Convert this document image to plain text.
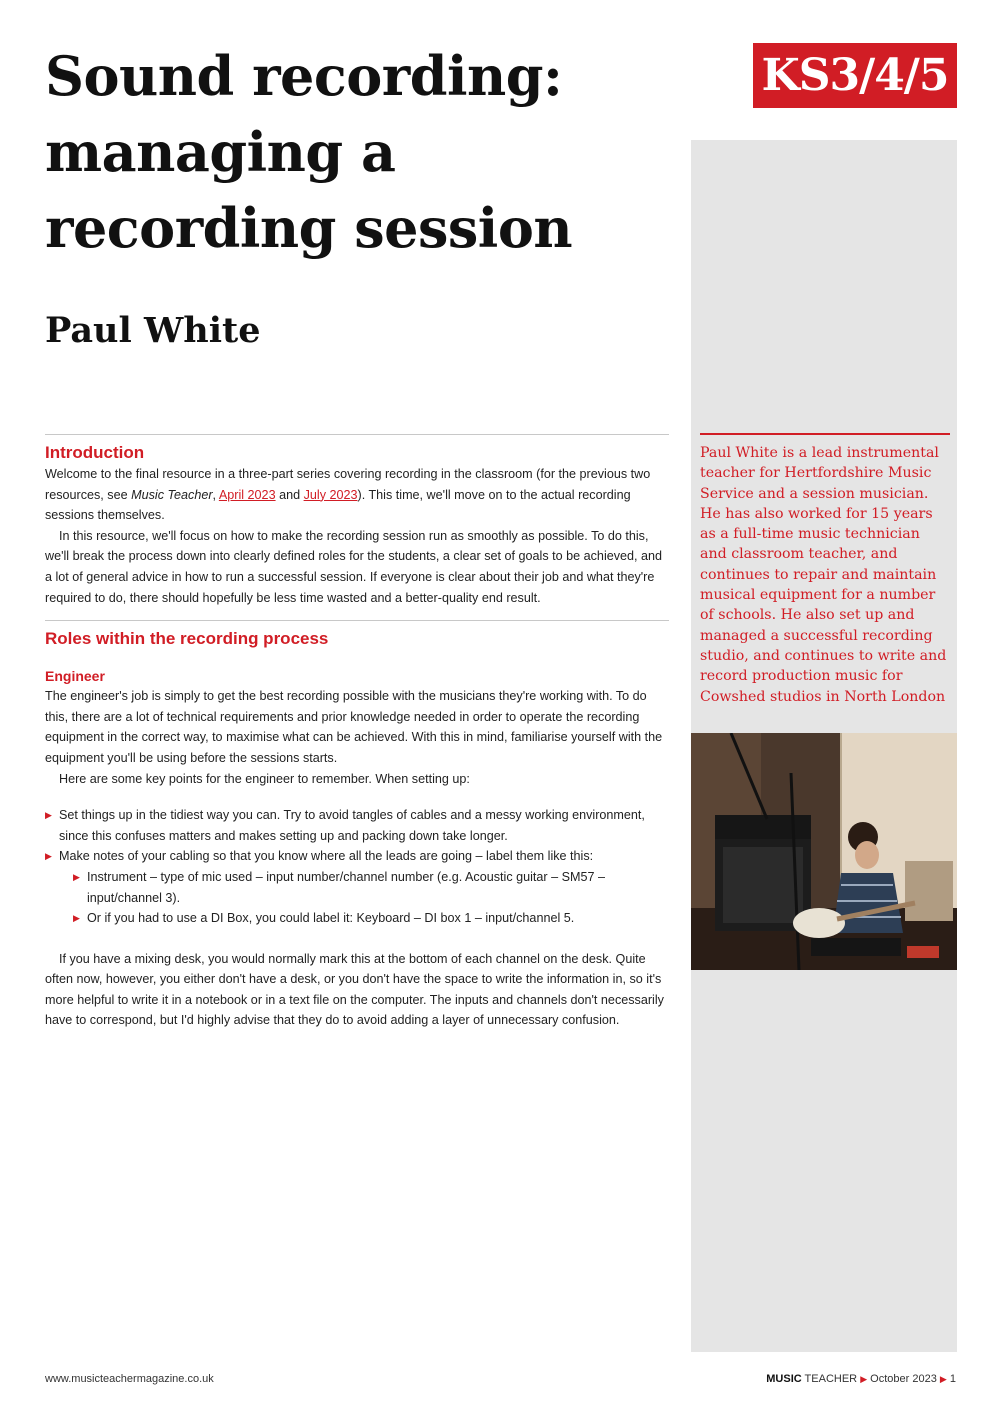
Sound recording:
managing a
recording session
Paul White
KS3/4/5
Paul White is a lead instrumental teacher for Hertfordshire Music Service and a session musician. He has also worked for 15 years as a full-time music technician and classroom teacher, and continues to repair and maintain musical equipment for a number of schools. He also set up and managed a successful recording studio, and continues to write and record production music for Cowshed studios in North London
Introduction

Welcome to the final resource in a three-part series covering recording in the classroom (for the previous two resources, see Music Teacher, April 2023 and July 2023). This time, we'll move on to the actual recording sessions themselves.

In this resource, we'll focus on how to make the recording session run as smoothly as possible. To do this, we'll break the process down into clearly defined roles for the students, a clear set of goals to be achieved, and a lot of general advice in how to run a successful session. If everyone is clear about their job and what they're required to do, there should hopefully be less time wasted and a better-quality end result.

Roles within the recording process
Engineer

The engineer's job is simply to get the best recording possible with the musicians they're working with. To do this, there are a lot of technical requirements and prior knowledge needed in order to operate the recording equipment in the correct way, to maximise what can be achieved. With this in mind, familiarise yourself with the equipment you'll be using before the sessions starts.

Here are some key points for the engineer to remember. When setting up:

▶ Set things up in the tidiest way you can. Try to avoid tangles of cables and a messy working environment, since this confuses matters and makes setting up and packing down take longer.
▶ Make notes of your cabling so that you know where all the leads are going – label them like this:
▶ Instrument – type of mic used – input number/channel number (e.g. Acoustic guitar – SM57 – input/channel 3).
▶ Or if you had to use a DI Box, you could label it: Keyboard – DI box 1 – input/channel 5.

If you have a mixing desk, you would normally mark this at the bottom of each channel on the desk. Quite often now, however, you either don't have a desk, or you don't have the space to write the information in, so it's more helpful to write it in a notebook or in a text file on the computer. The inputs and channels don't necessarily have to correspond, but I'd highly advise that they do to avoid adding a layer of unnecessary confusion.

www.musicteachermagazine.co.uk	MUSIC TEACHER ▶ October 2023 ▶ 1
